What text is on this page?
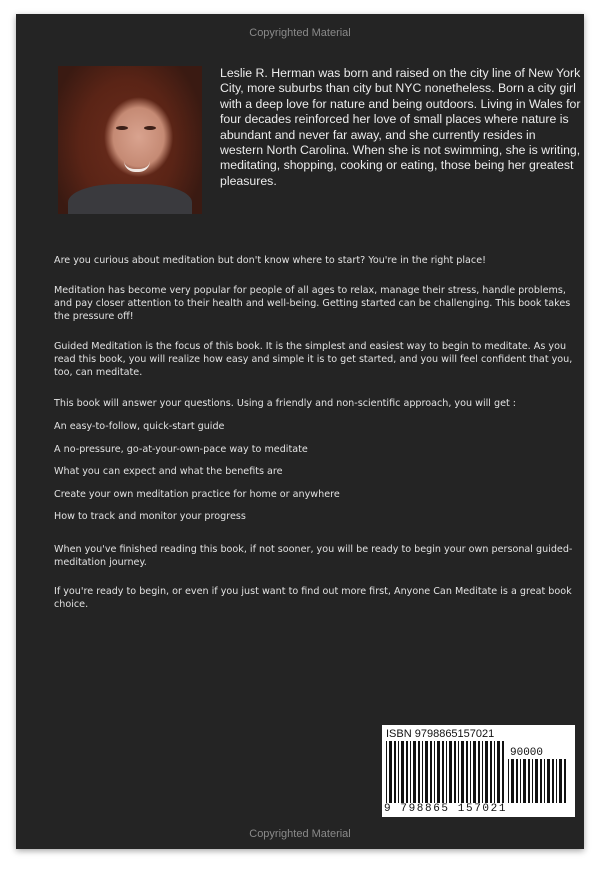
Copyrighted Material
Leslie R. Herman was born and raised on the city line of New York City, more suburbs than city but NYC nonetheless. Born a city girl with a deep love for nature and being outdoors. Living in Wales for four decades reinforced her love of small places where nature is abundant and never far away, and she currently resides in western North Carolina. When she is not swimming, she is writing, meditating, shopping, cooking or eating, those being her greatest pleasures.

Are you curious about meditation but don't know where to start? You're in the right place!

Meditation has become very popular for people of all ages to relax, manage their stress, handle problems, and pay closer attention to their health and well-being. Getting started can be challenging. This book takes the pressure off!

Guided Meditation is the focus of this book. It is the simplest and easiest way to begin to meditate. As you read this book, you will realize how easy and simple it is to get started, and you will feel confident that you, too, can meditate.

This book will answer your questions. Using a friendly and non-scientific approach, you will get :

An easy-to-follow, quick-start guide

A no-pressure, go-at-your-own-pace way to meditate

What you can expect and what the benefits are

Create your own meditation practice for home or anywhere

How to track and monitor your progress

When you've finished reading this book, if not sooner, you will be ready to begin your own personal guided-meditation journey.

If you're ready to begin, or even if you just want to find out more first, Anyone Can Meditate is a great book choice.

ISBN 9798865157021
90000
9 798865 157021
Copyrighted Material
